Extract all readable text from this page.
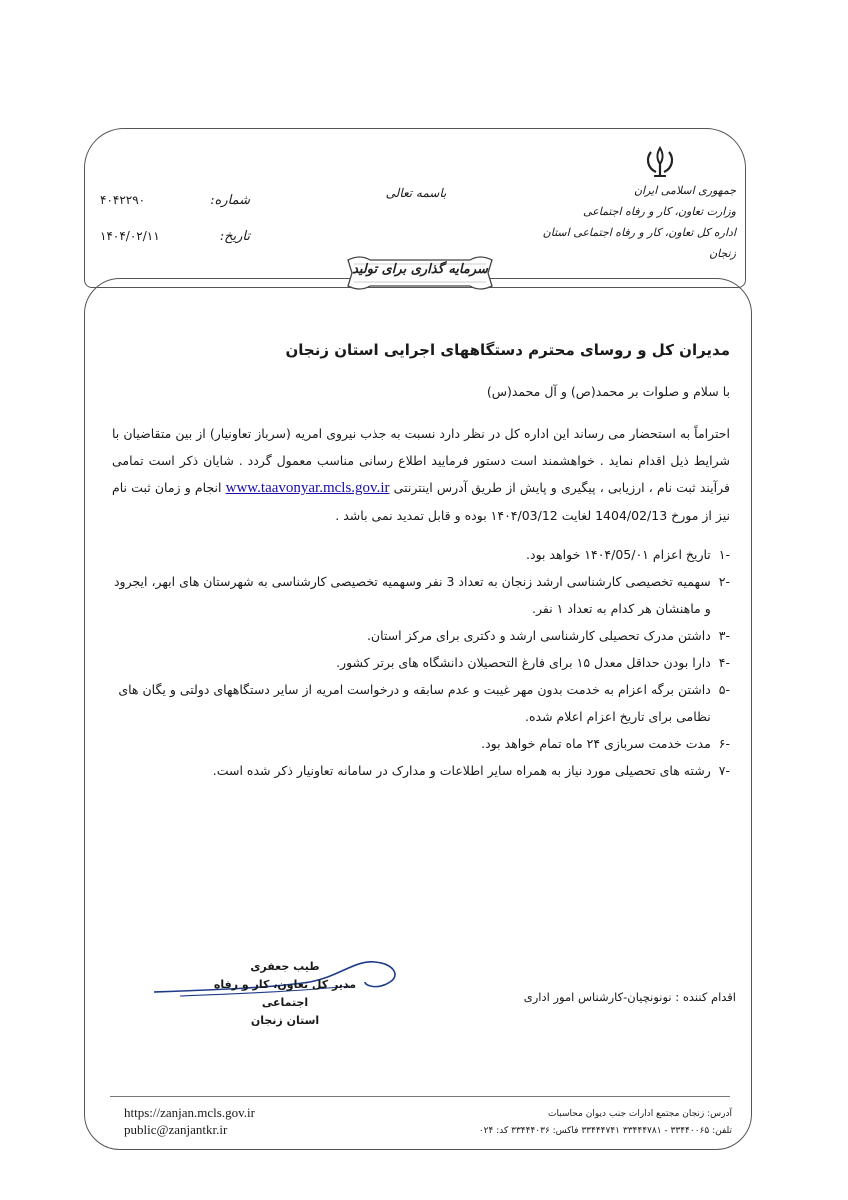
جمهوری اسلامی ایران
وزارت تعاون، کار و رفاه اجتماعی
اداره کل تعاون، کار و رفاه اجتماعی استان زنجان
باسمه تعالی
شماره:
۴۰۴۲۲۹۰
تاریخ:
۱۴۰۴/۰۲/۱۱
سرمایه گذاری برای تولید
مدیران کل و روسای محترم دستگاههای اجرایی استان زنجان
با سلام و صلوات بر محمد(ص) و آل محمد(س)
احتراماً به استحضار می رساند این اداره کل در نظر دارد نسبت به جذب نیروی امریه (سرباز تعاونیار) از بین متقاضیان با شرایط ذیل اقدام نماید . خواهشمند است دستور فرمایید اطلاع رسانی مناسب معمول گردد . شایان ذکر است تمامی فرآیند ثبت نام ، ارزیابی ، پیگیری و پایش از طریق آدرس اینترنتی www.taavonyar.mcls.gov.ir انجام و زمان ثبت نام نیز از مورخ 1404/02/13 لغایت ۱۴۰۴/03/12 بوده و قابل تمدید نمی باشد .
-۱
تاریخ اعزام ۱۴۰۴/05/۰۱ خواهد بود.
-۲
سهمیه تخصیصی کارشناسی ارشد زنجان به تعداد 3 نفر وسهمیه تخصیصی کارشناسی به شهرستان های ابهر، ایجرود و ماهنشان هر کدام به تعداد ۱ نفر.
-۳
داشتن مدرک تحصیلی کارشناسی ارشد و دکتری برای مرکز استان.
-۴
دارا بودن حداقل معدل ۱۵ برای فارغ التحصیلان دانشگاه های برتر کشور.
-۵
داشتن برگه اعزام به خدمت بدون مهر غیبت و عدم سابقه و درخواست امریه از سایر دستگاههای دولتی و یگان های نظامی برای تاریخ اعزام اعلام شده.
-۶
مدت خدمت سربازی ۲۴ ماه تمام خواهد بود.
-۷
رشته های تحصیلی مورد نیاز به همراه سایر اطلاعات و مدارک در سامانه تعاونیار ذکر شده است.
طیب جعفری
مدیر کل تعاون، کار و رفاه اجتماعی
استان زنجان
اقدام کننده : نونونچیان-کارشناس امور اداری
https://zanjan.mcls.gov.ir
public@zanjantkr.ir
آدرس: زنجان مجتمع ادارات جنب دیوان محاسبات
تلفن: ۳۳۴۴۰۰۶۵ - ۳۳۴۴۴۷۸۱ ۳۳۴۴۴۷۴۱ فاکس: ۳۳۴۴۴۰۳۶ کد: ۰۲۴
